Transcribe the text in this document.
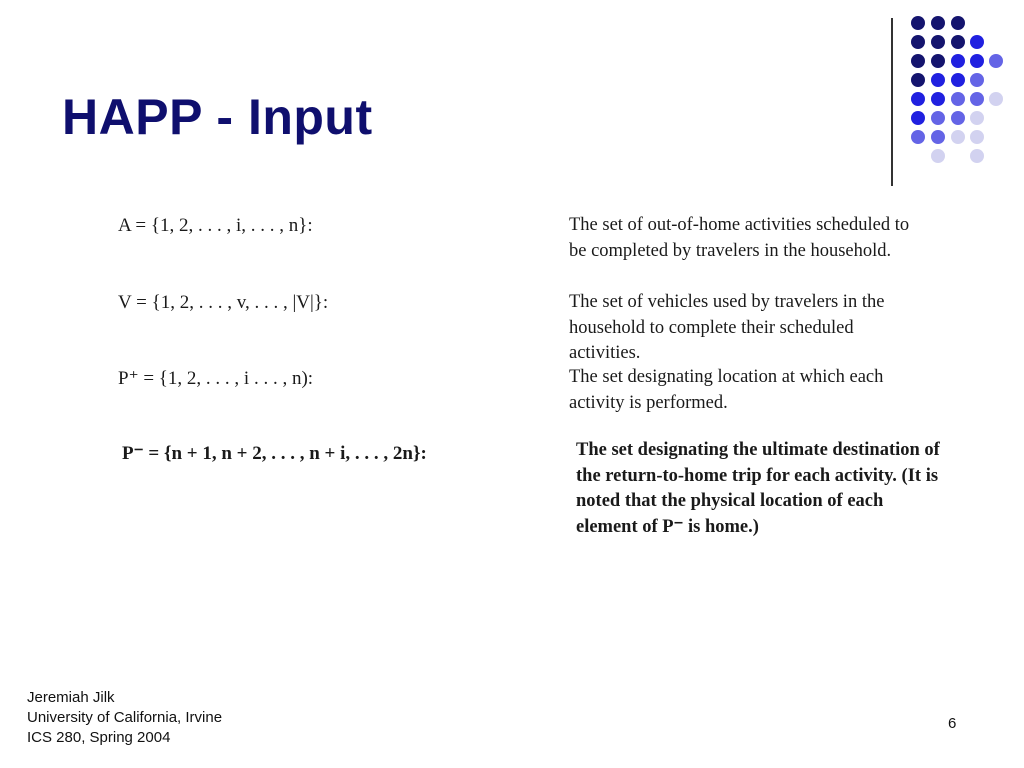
HAPP - Input
A = {1, 2, . . . , i, . . . , n}:	The set of out-of-home activities scheduled to be completed by travelers in the household.
V = {1, 2, . . . , v, . . . , |V|}:	The set of vehicles used by travelers in the household to complete their scheduled activities.
P⁺ = {1, 2, . . . , i . . . , n):	The set designating location at which each activity is performed.
P⁻ = {n + 1, n + 2, . . . , n + i, . . . , 2n}:	The set designating the ultimate destination of the return-to-home trip for each activity. (It is noted that the physical location of each element of P⁻ is home.)
Jeremiah Jilk
University of California, Irvine
ICS 280, Spring 2004
6
